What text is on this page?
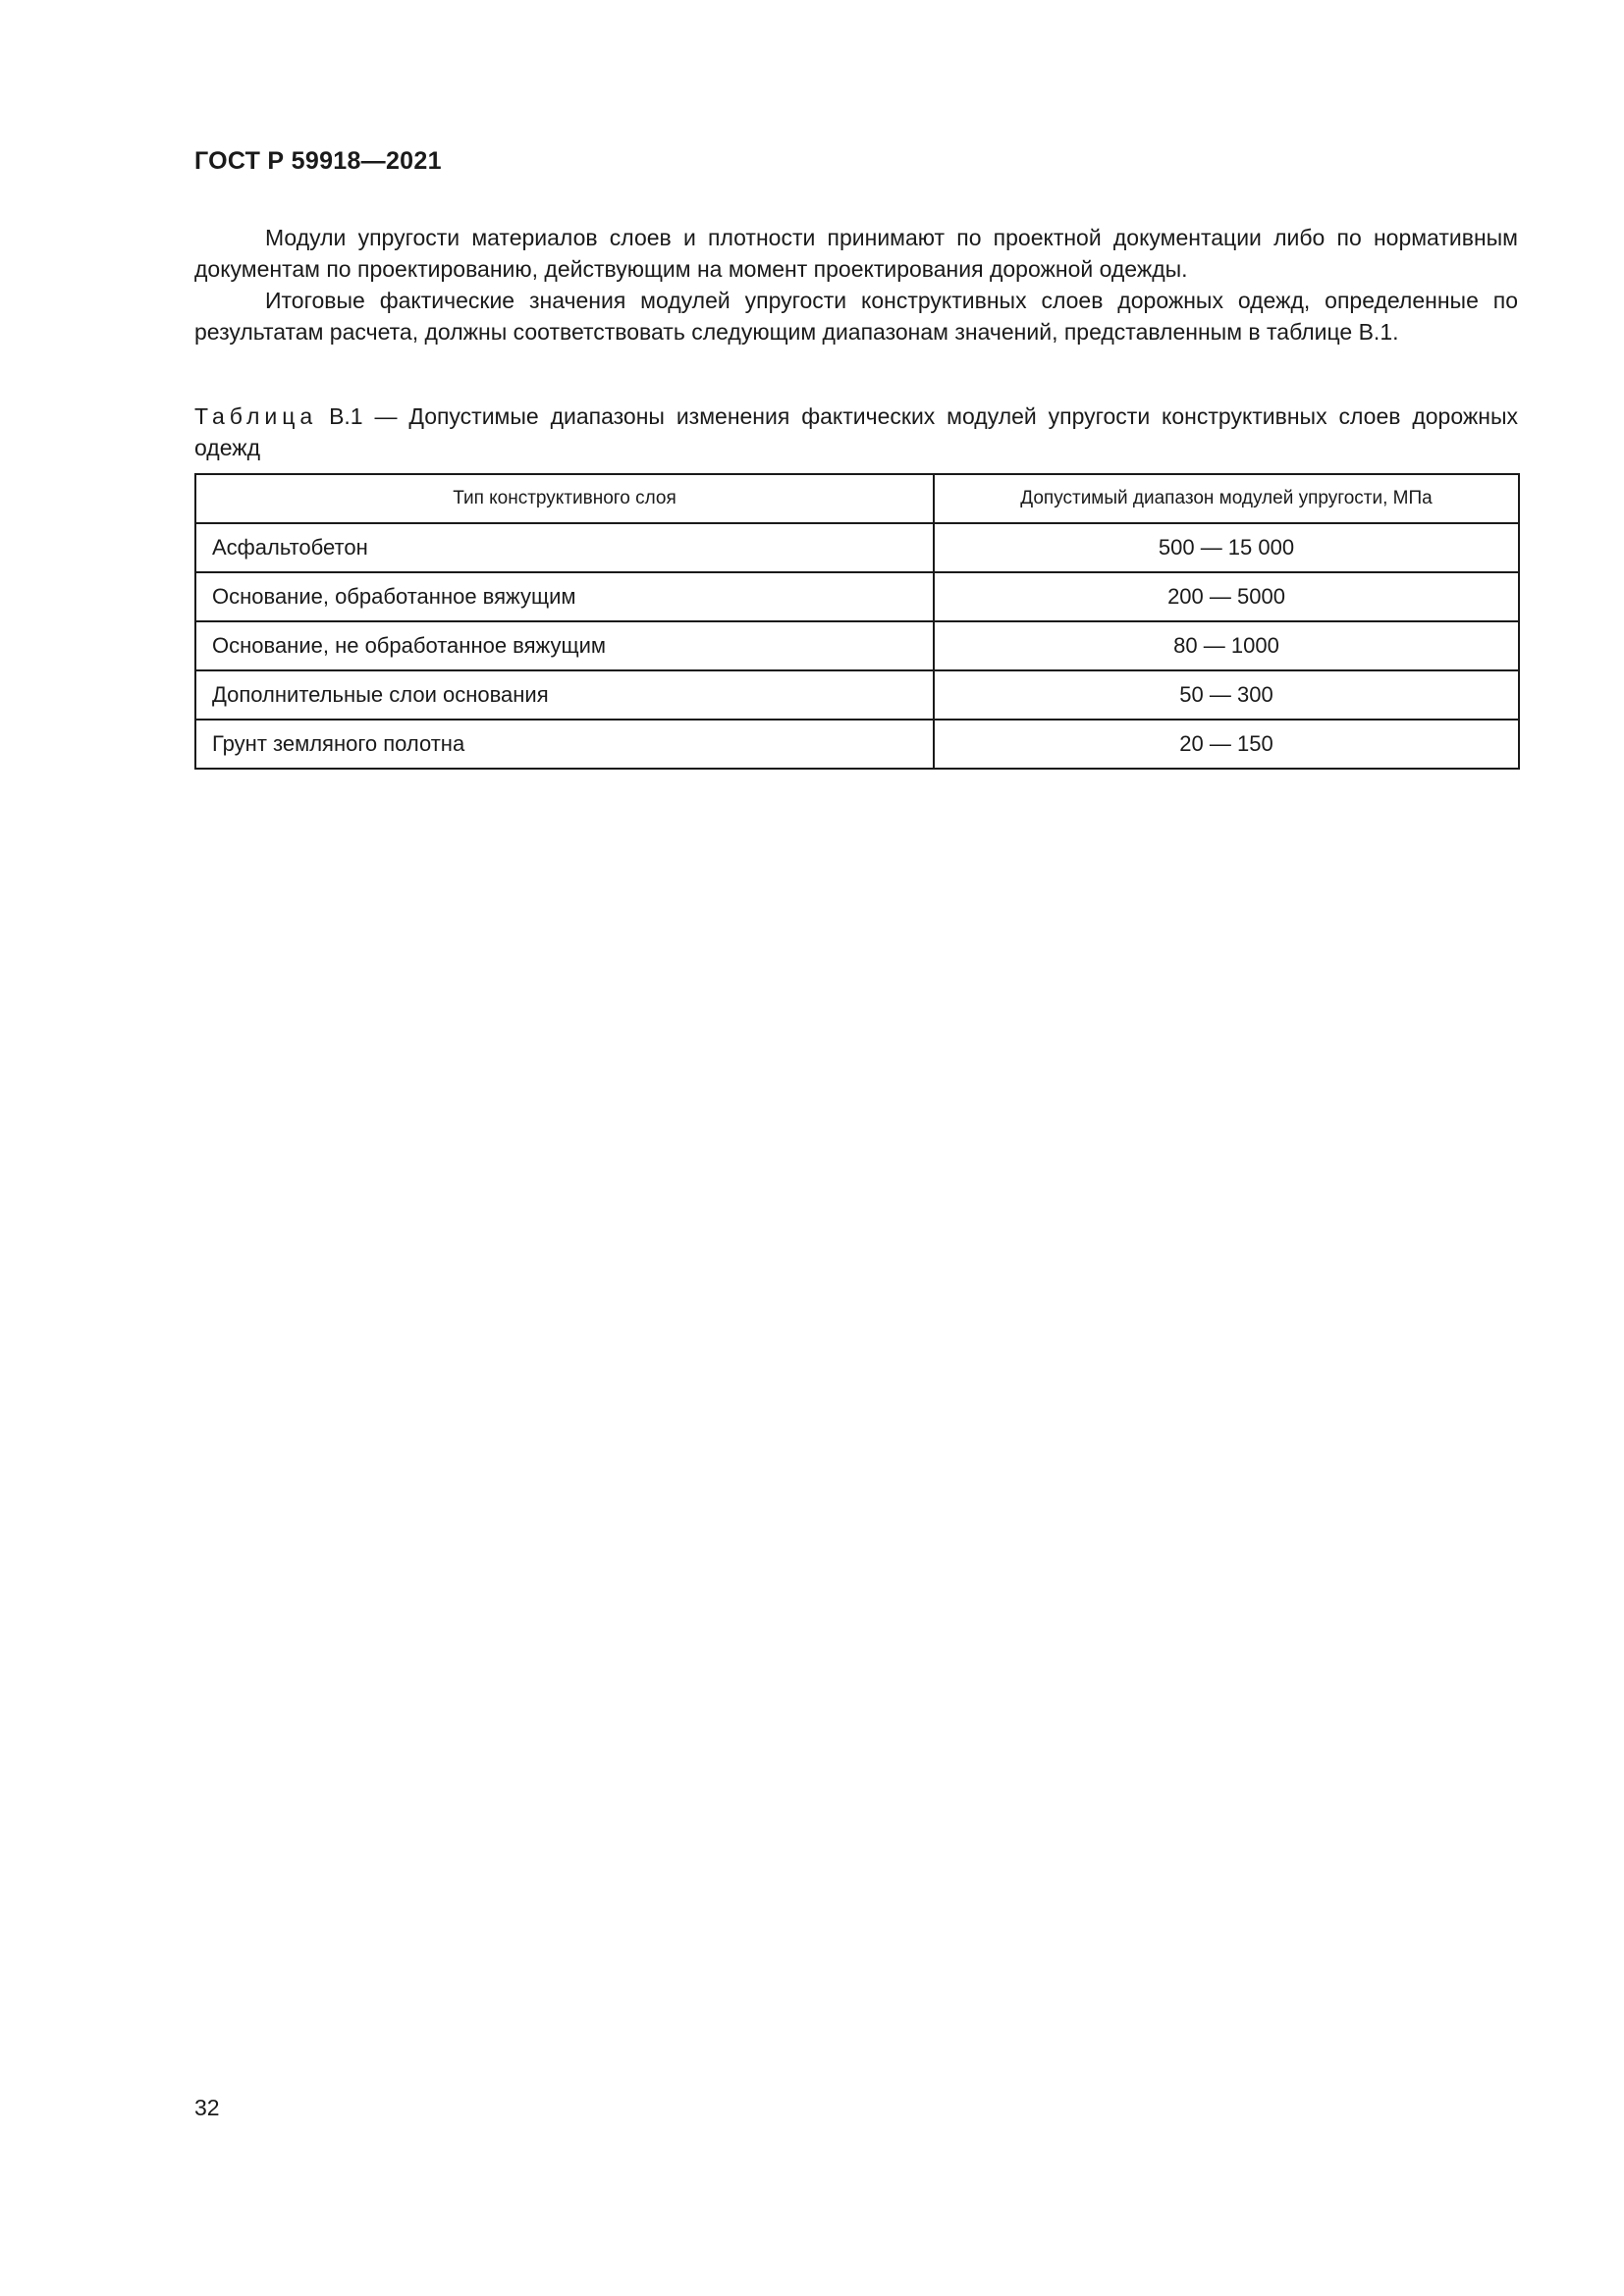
ГОСТ Р 59918—2021

Модули упругости материалов слоев и плотности принимают по проектной документации либо по нормативным документам по проектированию, действующим на момент проектирования дорожной одежды.

Итоговые фактические значения модулей упругости конструктивных слоев дорожных одежд, определенные по результатам расчета, должны соответствовать следующим диапазонам значений, представленным в таблице В.1.

Таблица В.1 — Допустимые диапазоны изменения фактических модулей упругости конструктивных слоев дорожных одежд
Тип конструктивного слоя	Допустимый диапазон модулей упругости, МПа
Асфальтобетон	500 — 15 000
Основание, обработанное вяжущим	200 — 5000
Основание, не обработанное вяжущим	80 — 1000
Дополнительные слои основания	50 — 300
Грунт земляного полотна	20 — 150
32
